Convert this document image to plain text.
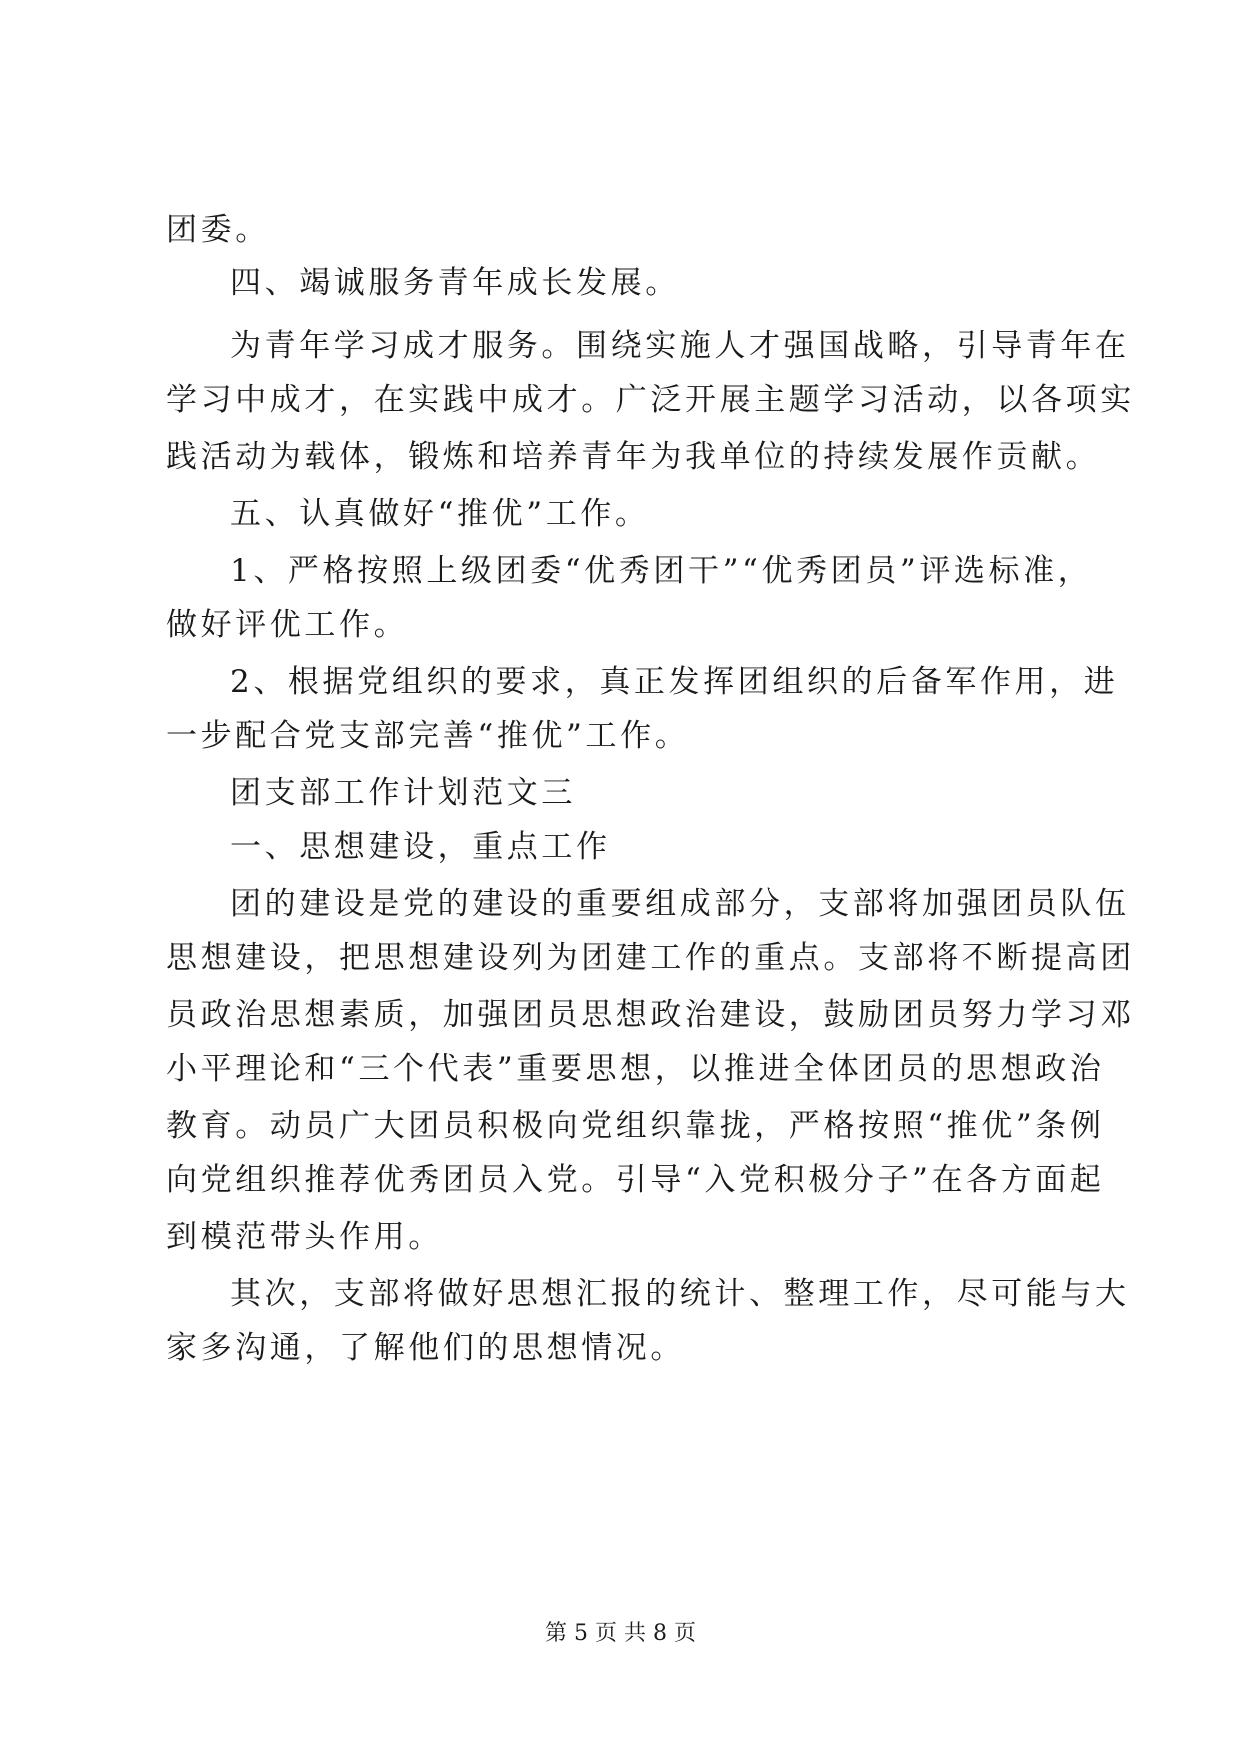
团委。
四、竭诚服务青年成长发展。
为青年学习成才服务。围绕实施人才强国战略，引导青年在
学习中成才，在实践中成才。广泛开展主题学习活动，以各项实
践活动为载体，锻炼和培养青年为我单位的持续发展作贡献。
五、认真做好“推优”工作。
1、严格按照上级团委“优秀团干”“优秀团员”评选标准，
做好评优工作。
2、根据党组织的要求，真正发挥团组织的后备军作用，进
一步配合党支部完善“推优”工作。
团支部工作计划范文三
一、思想建设，重点工作
团的建设是党的建设的重要组成部分，支部将加强团员队伍
思想建设，把思想建设列为团建工作的重点。支部将不断提高团
员政治思想素质，加强团员思想政治建设，鼓励团员努力学习邓
小平理论和“三个代表”重要思想，以推进全体团员的思想政治
教育。动员广大团员积极向党组织靠拢，严格按照“推优”条例
向党组织推荐优秀团员入党。引导“入党积极分子”在各方面起
到模范带头作用。
其次，支部将做好思想汇报的统计、整理工作，尽可能与大
家多沟通，了解他们的思想情况。
第 5 页 共 8 页
